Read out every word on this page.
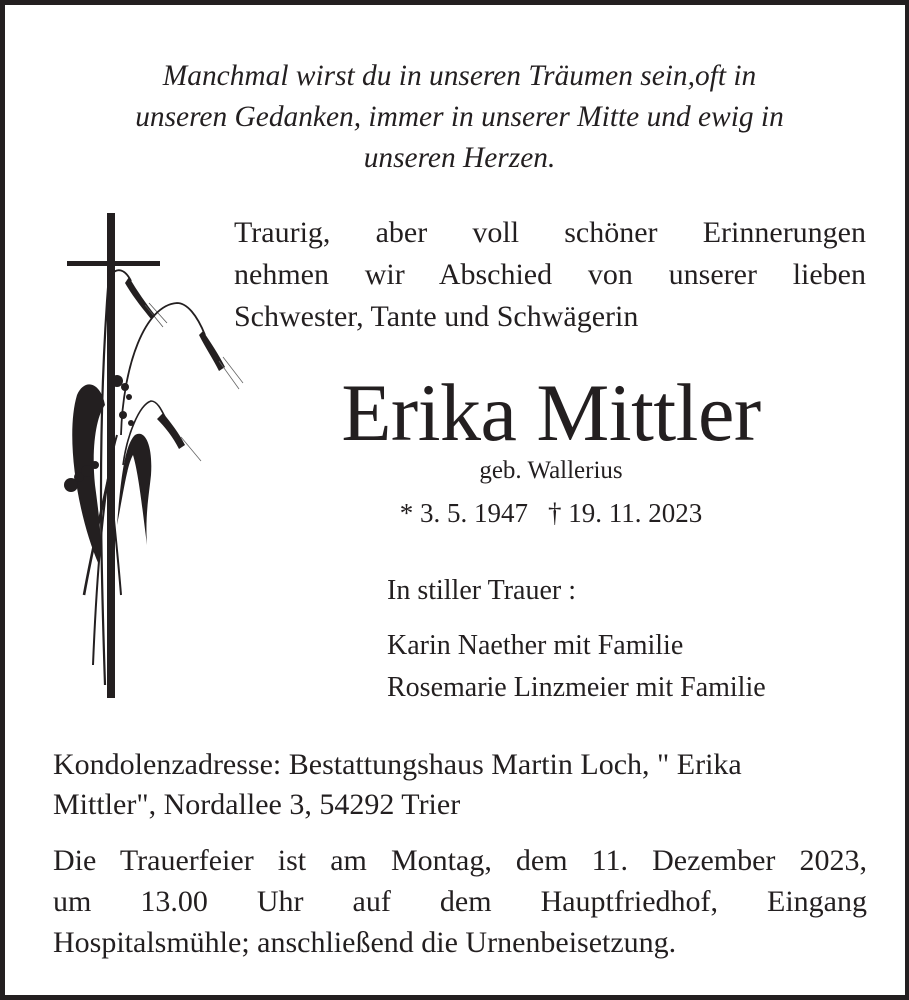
Manchmal wirst du in unseren Träumen sein,oft in
unseren Gedanken, immer in unserer Mitte und ewig in
unseren Herzen.
Traurig, aber voll schöner Erinnerungen
nehmen wir Abschied von unserer lieben
Schwester, Tante und Schwägerin
Erika Mittler
geb. Wallerius
* 3. 5. 1947 † 19. 11. 2023
In stiller Trauer :
Karin Naether mit Familie
Rosemarie Linzmeier mit Familie
Kondolenzadresse: Bestattungshaus Martin Loch, " Erika
Mittler", Nordallee 3, 54292 Trier
Die Trauerfeier ist am Montag, dem 11. Dezember 2023,
um 13.00 Uhr auf dem Hauptfriedhof, Eingang
Hospitalsmühle; anschließend die Urnenbeisetzung.
